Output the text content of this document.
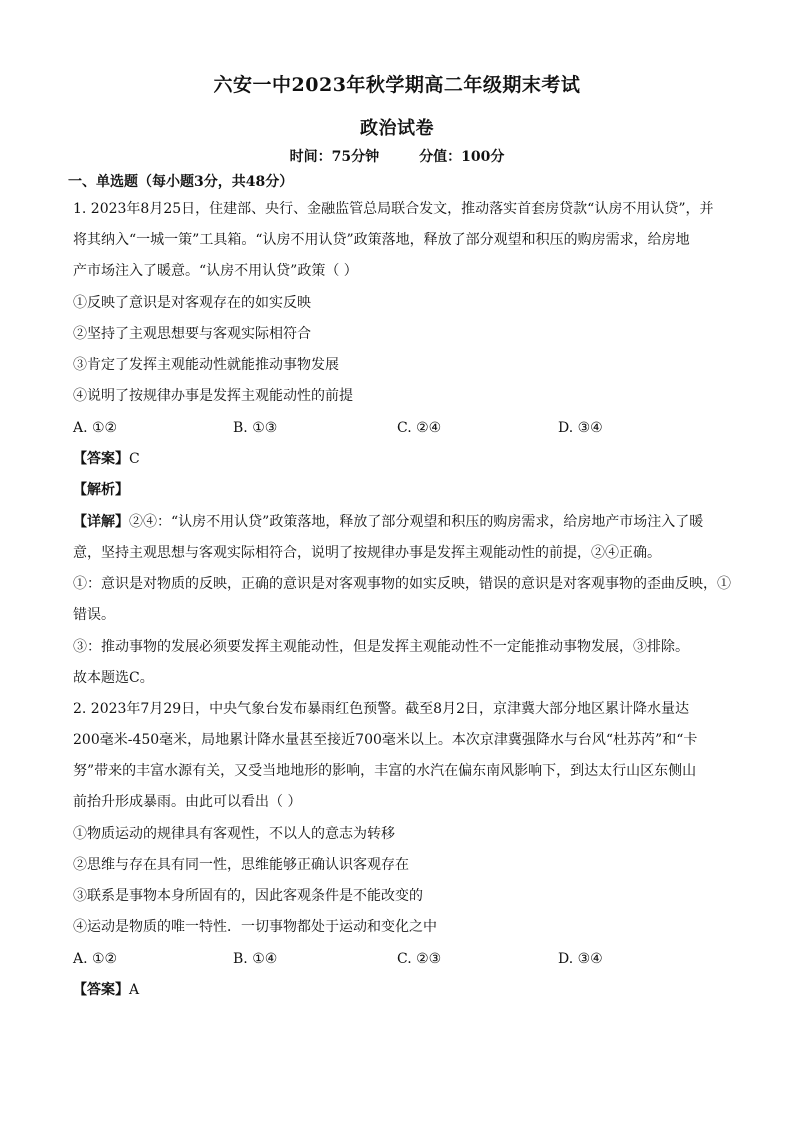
六安一中2023年秋学期高二年级期末考试
政治试卷
时间：75分钟	分值：100分
一、单选题（每小题3分，共48分）
1. 2023年8月25日，住建部、央行、金融监管总局联合发文，推动落实首套房贷款“认房不用认贷”，并
将其纳入“一城一策”工具箱。“认房不用认贷”政策落地，释放了部分观望和积压的购房需求，给房地
产市场注入了暖意。“认房不用认贷”政策（ ）
①反映了意识是对客观存在的如实反映
②坚持了主观思想要与客观实际相符合
③肯定了发挥主观能动性就能推动事物发展
④说明了按规律办事是发挥主观能动性的前提
A. ①②	B. ①③	C. ②④	D. ③④
【答案】C
【解析】
【详解】②④：“认房不用认贷”政策落地，释放了部分观望和积压的购房需求，给房地产市场注入了暖
意，坚持主观思想与客观实际相符合，说明了按规律办事是发挥主观能动性的前提，②④正确。
①：意识是对物质的反映，正确的意识是对客观事物的如实反映，错误的意识是对客观事物的歪曲反映，①
错误。
③：推动事物的发展必须要发挥主观能动性，但是发挥主观能动性不一定能推动事物发展，③排除。
故本题选C。
2. 2023年7月29日，中央气象台发布暴雨红色预警。截至8月2日，京津冀大部分地区累计降水量达
200毫米-450毫米，局地累计降水量甚至接近700毫米以上。本次京津冀强降水与台风“杜苏芮”和“卡
努”带来的丰富水源有关，又受当地地形的影响，丰富的水汽在偏东南风影响下，到达太行山区东侧山
前抬升形成暴雨。由此可以看出（ ）
①物质运动的规律具有客观性，不以人的意志为转移
②思维与存在具有同一性，思维能够正确认识客观存在
③联系是事物本身所固有的，因此客观条件是不能改变的
④运动是物质的唯一特性．一切事物都处于运动和变化之中
A. ①②	B. ①④	C. ②③	D. ③④
【答案】A
